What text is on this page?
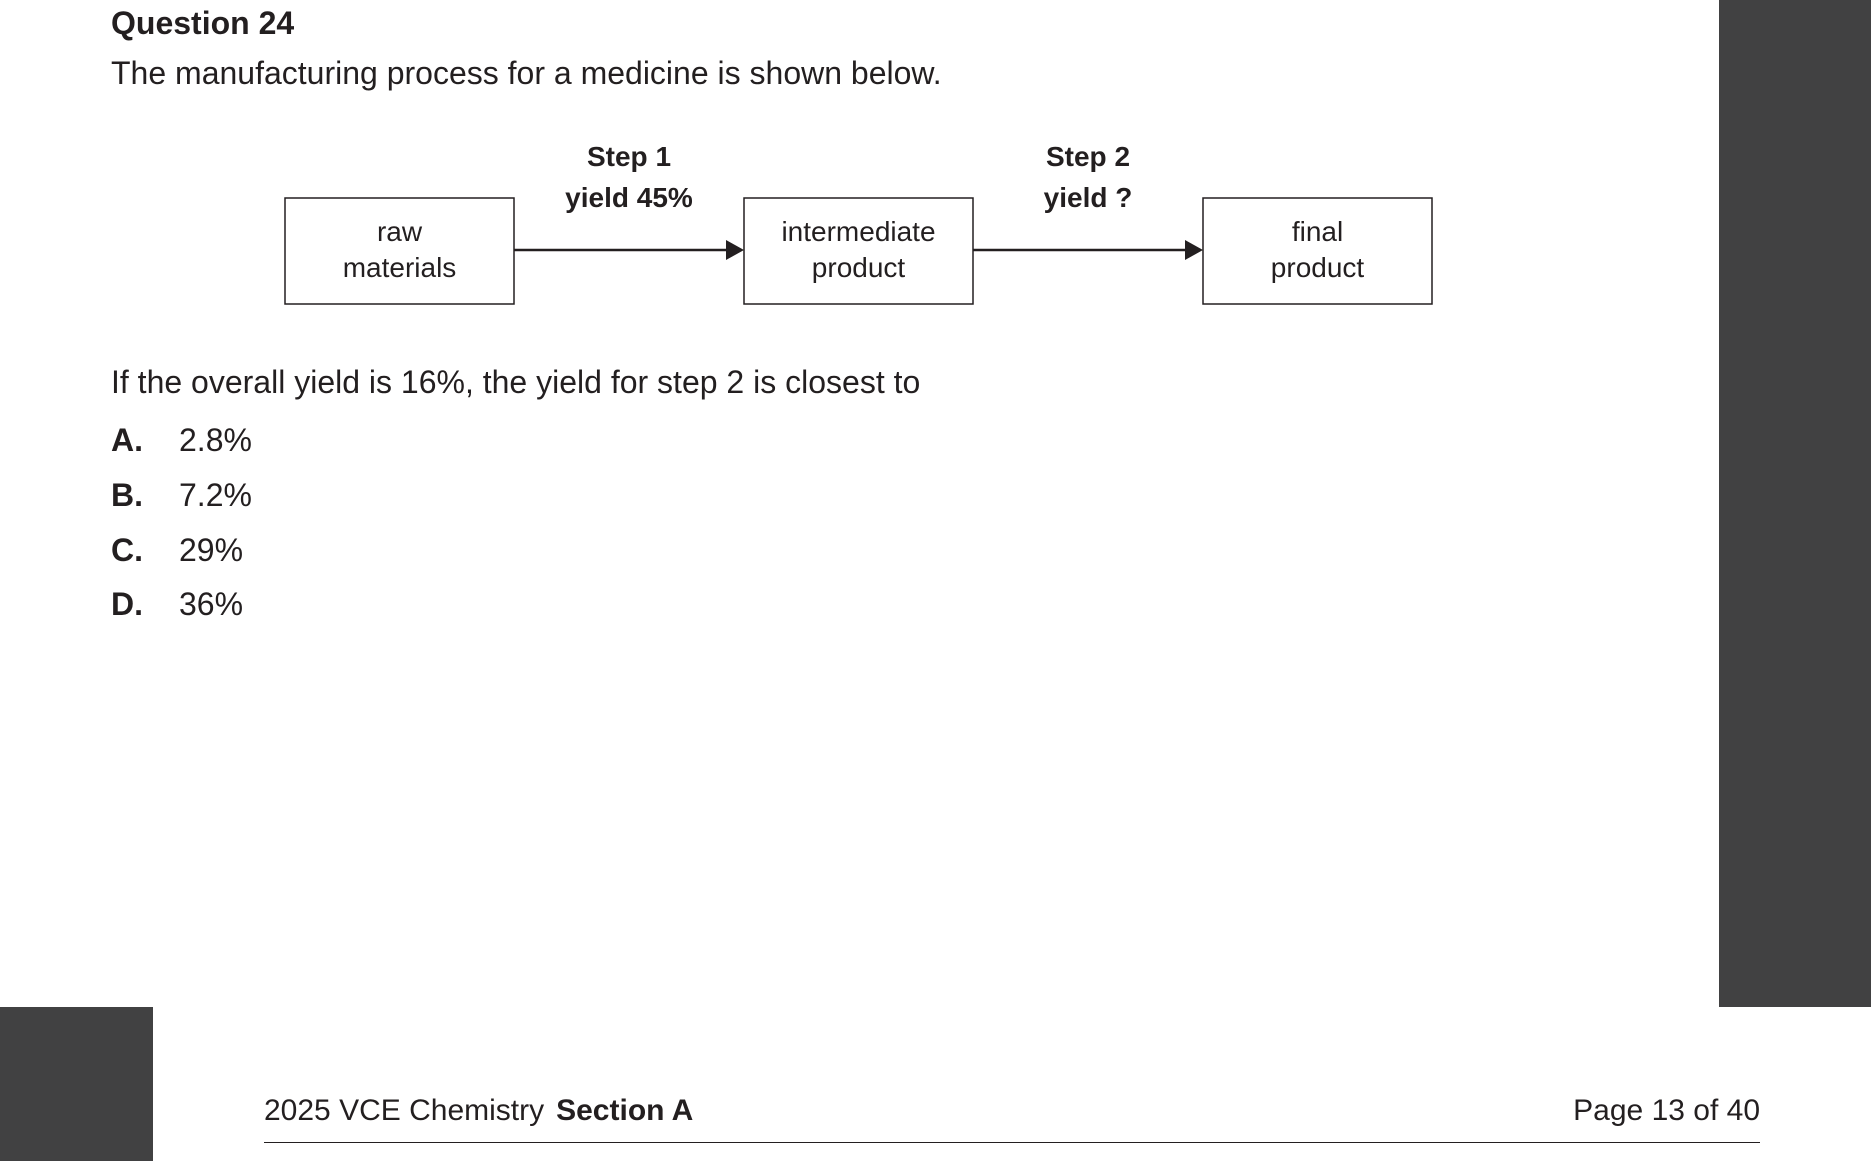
Question 24
The manufacturing process for a medicine is shown below.
raw
materials
intermediate
product
final
product
Step 1
yield 45%
Step 2
yield ?
If the overall yield is 16%, the yield for step 2 is closest to
A. 2.8%
B. 7.2%
C. 29%
D. 36%
2025 VCE Chemistry Section A	Page 13 of 40
